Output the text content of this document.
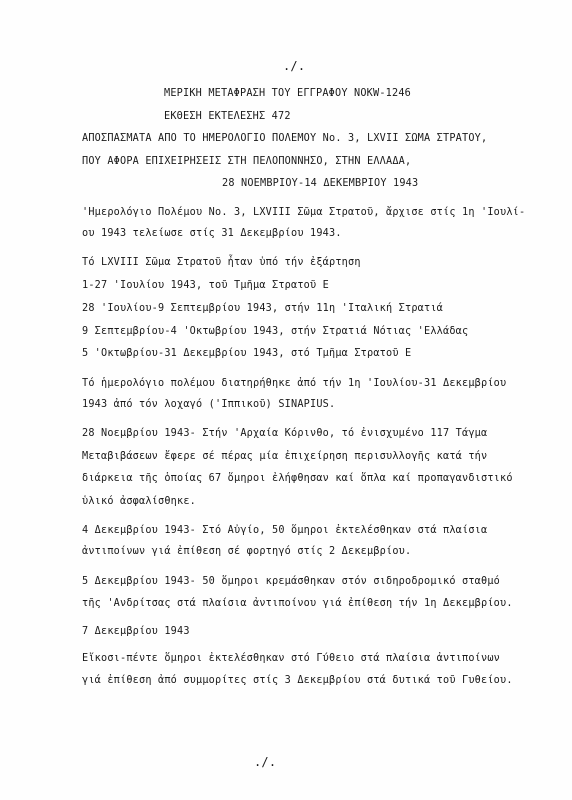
./.
ΜΕΡΙΚΗ ΜΕΤΑΦΡΑΣΗ ΤΟΥ ΕΓΓΡΑΦΟΥ ΝΟΚW-1246
ΕΚΘΕΣΗ ΕΚΤΕΛΕΣΗΣ 472
ΑΠΟΣΠΑΣΜΑΤΑ ΑΠΟ ΤΟ ΗΜΕΡΟΛΟΓΙΟ ΠΟΛΕΜΟΥ Νο. 3, LXVII ΣΩΜΑ ΣΤΡΑΤΟΥ,
ΠΟΥ ΑΦΟΡΑ ΕΠΙΧΕΙΡΗΣΕΙΣ ΣΤΗ ΠΕΛΟΠΟΝΝΗΣΟ, ΣΤΗΝ ΕΛΛΑΔΑ,
28 ΝΟΕΜΒΡΙΟΥ-14 ΔΕΚΕΜΒΡΙΟΥ 1943
'Ημερολόγιο Πολέμου Νο. 3, LXVIII Σῶμα Στρατοῦ, ἄρχισε στίς 1η 'Ιουλί-
ου 1943 τελείωσε στίς 31 Δεκεμβρίου 1943.
Τό LXVIII Σῶμα Στρατοῦ ἦταν ὑπό τήν ἐξάρτηση
1-27 'Ιουλίου 1943, τοῦ Τμῆμα Στρατοῦ Ε
28 'Ιουλίου-9 Σεπτεμβρίου 1943, στήν 11η 'Ιταλική Στρατιά
9 Σεπτεμβρίου-4 'Οκτωβρίου 1943, στήν Στρατιά Νότιας 'Ελλάδας
5 'Οκτωβρίου-31 Δεκεμβρίου 1943, στό Τμῆμα Στρατοῦ Ε
Τό ἡμερολόγιο πολέμου διατηρήθηκε ἀπό τήν 1η 'Ιουλίου-31 Δεκεμβρίου
1943 ἀπό τόν λοχαγό ('Ιππικοῦ) SINAPIUS.
28 Νοεμβρίου 1943- Στήν 'Αρχαία Κόρινθο, τό ἐνισχυμένο 117 Τάγμα
Μεταβιβάσεων ἔφερε σέ πέρας μία ἐπιχείρηση περισυλλογῆς κατά τήν
διάρκεια τῆς ὁποίας 67 ὅμηροι ἐλήφθησαν καί ὅπλα καί προπαγανδιστικό
ὑλικό ἀσφαλίσθηκε.
4 Δεκεμβρίου 1943- Στό Αὐγίο, 50 ὅμηροι ἐκτελέσθηκαν στά πλαίσια
ἀντιποίνων γιά ἐπίθεση σέ φορτηγό στίς 2 Δεκεμβρίου.
5 Δεκεμβρίου 1943- 50 ὅμηροι κρεμάσθηκαν στόν σιδηροδρομικό σταθμό
τῆς 'Ανδρίτσας στά πλαίσια ἀντιποίνου γιά ἐπίθεση τήν 1η Δεκεμβρίου.
7 Δεκεμβρίου 1943
Εἴκοσι-πέντε ὅμηροι ἐκτελέσθηκαν στό Γύθειο στά πλαίσια ἀντιποίνων
γιά ἐπίθεση ἀπό συμμορίτες στίς 3 Δεκεμβρίου στά δυτικά τοῦ Γυθείου.
./.
